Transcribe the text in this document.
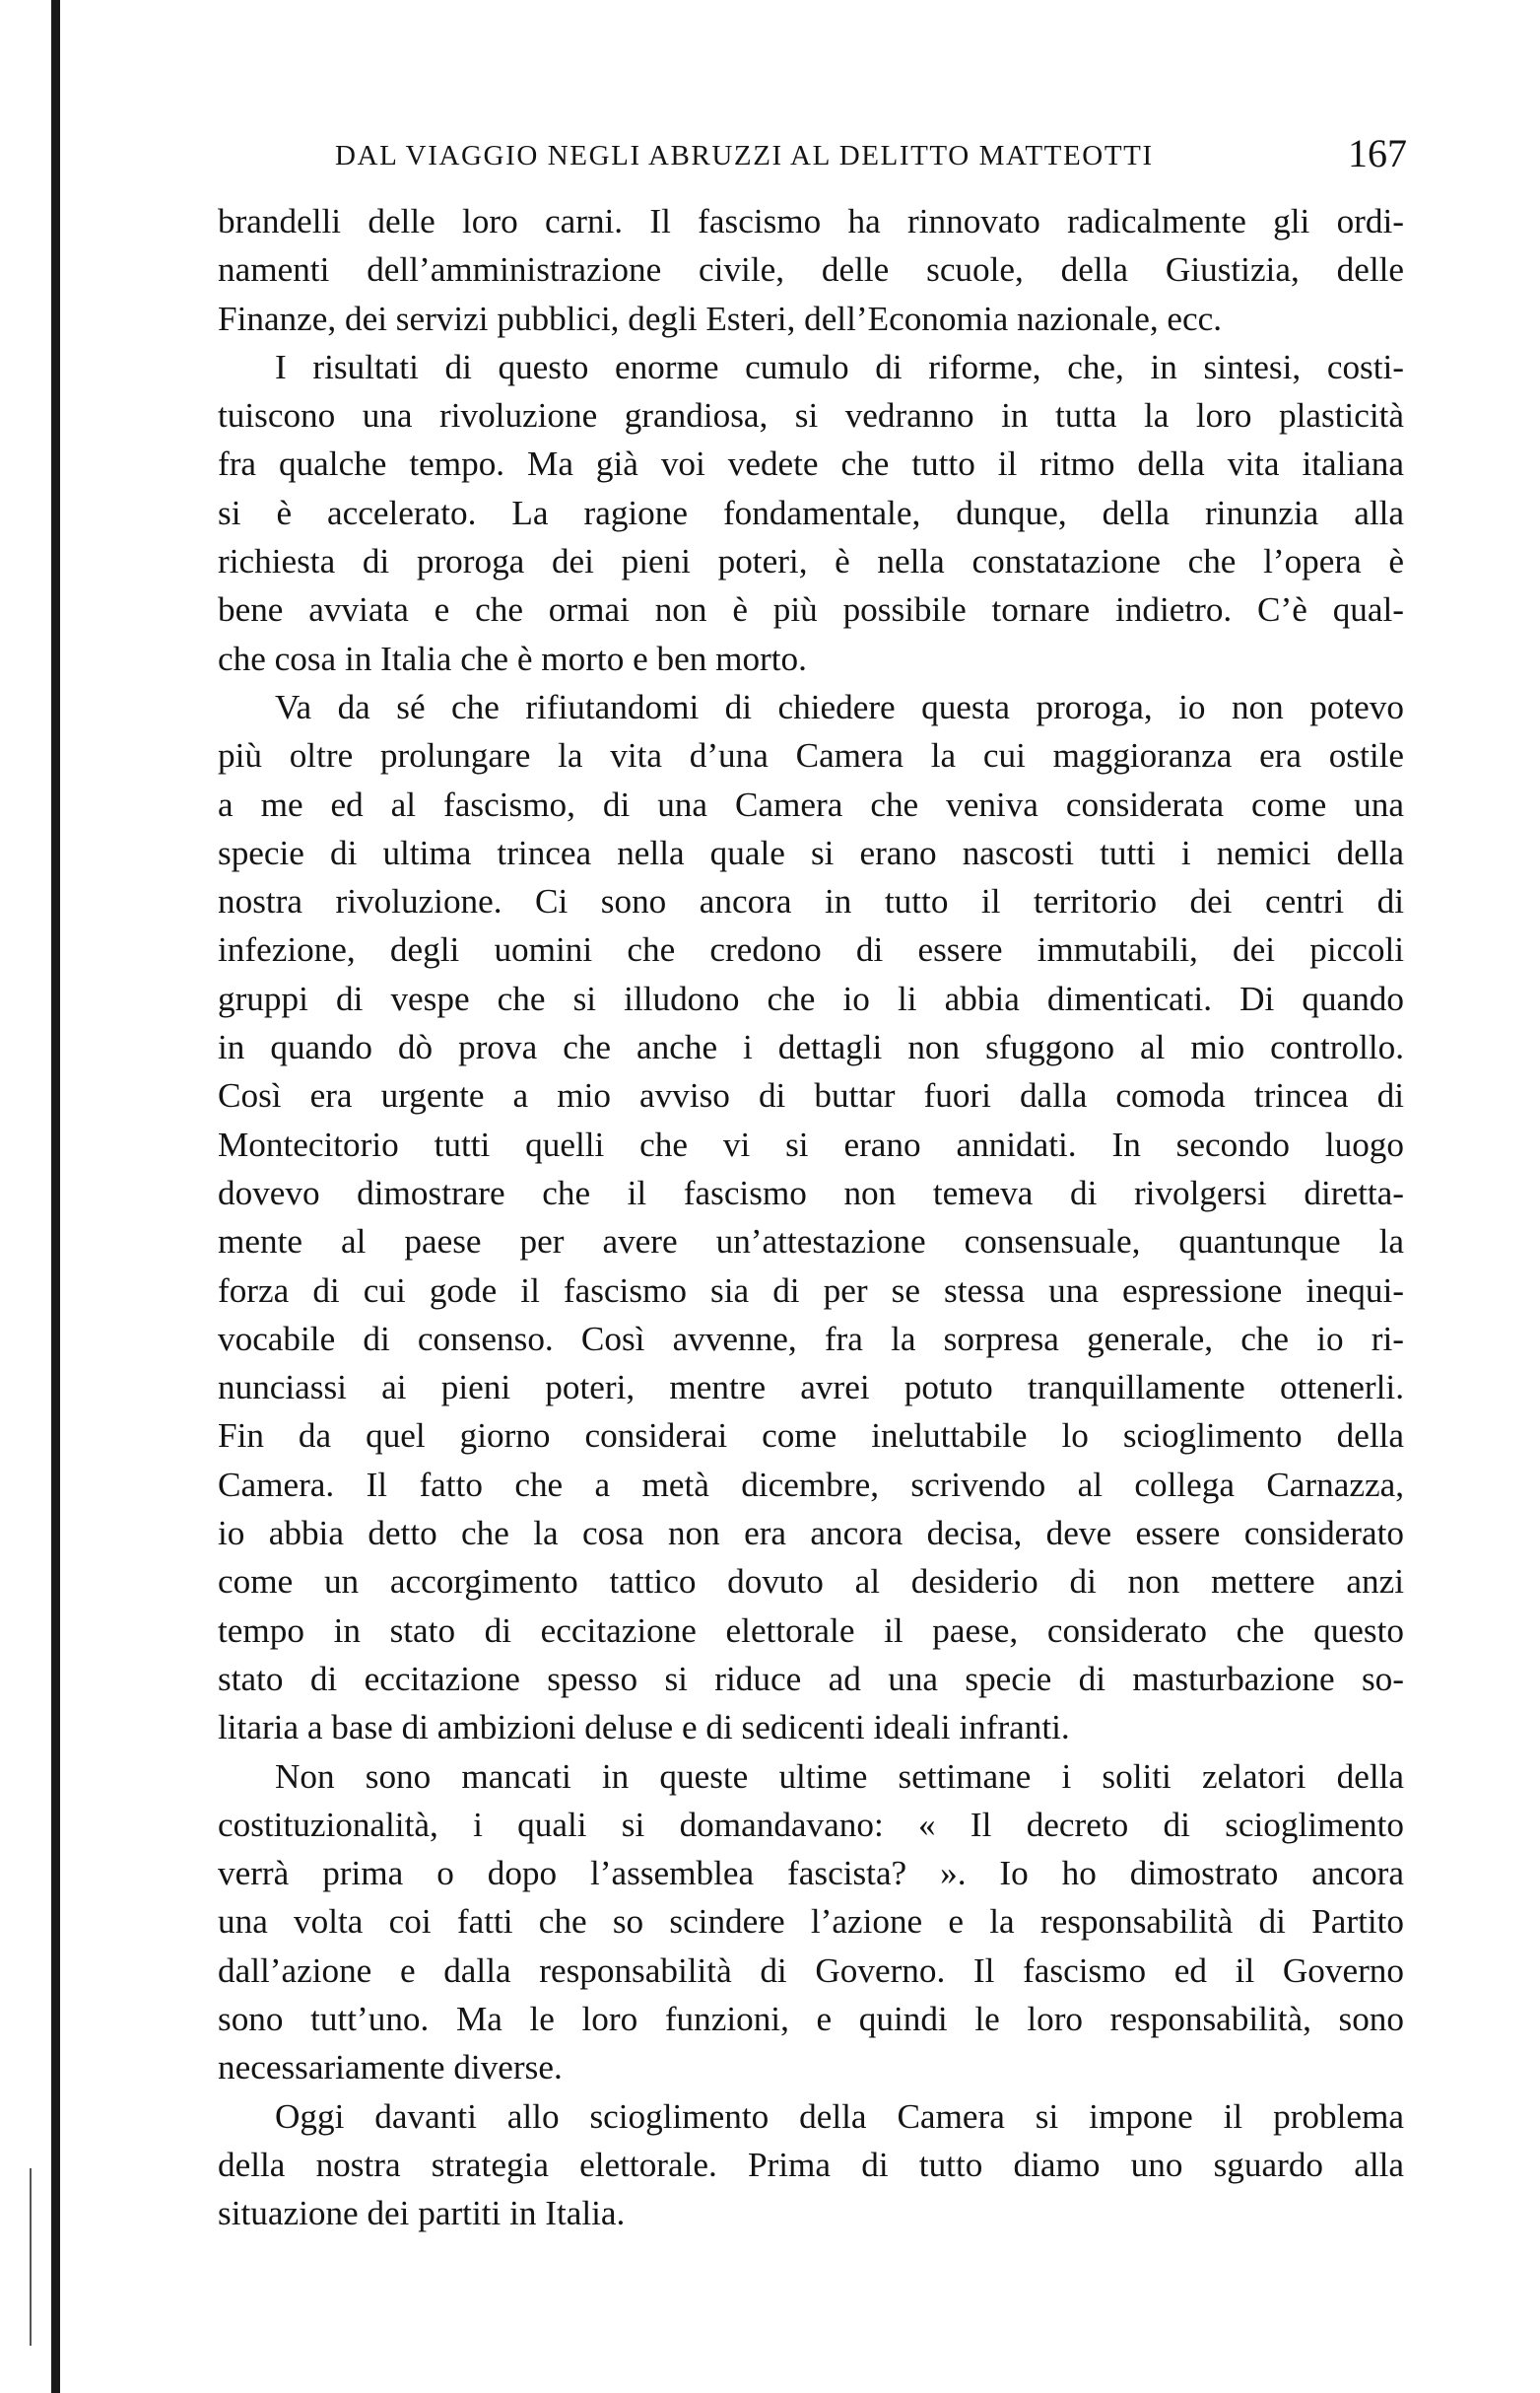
DAL VIAGGIO NEGLI ABRUZZI AL DELITTO MATTEOTTI	167

brandelli delle loro carni. Il fascismo ha rinnovato radicalmente gli ordi-
namenti dell’amministrazione civile, delle scuole, della Giustizia, delle
Finanze, dei servizi pubblici, degli Esteri, dell’Economia nazionale, ecc.

I risultati di questo enorme cumulo di riforme, che, in sintesi, costi-
tuiscono una rivoluzione grandiosa, si vedranno in tutta la loro plasticità
fra qualche tempo. Ma già voi vedete che tutto il ritmo della vita italiana
si è accelerato. La ragione fondamentale, dunque, della rinunzia alla
richiesta di proroga dei pieni poteri, è nella constatazione che l’opera è
bene avviata e che ormai non è più possibile tornare indietro. C’è qual-
che cosa in Italia che è morto e ben morto.

Va da sé che rifiutandomi di chiedere questa proroga, io non potevo
più oltre prolungare la vita d’una Camera la cui maggioranza era ostile
a me ed al fascismo, di una Camera che veniva considerata come una
specie di ultima trincea nella quale si erano nascosti tutti i nemici della
nostra rivoluzione. Ci sono ancora in tutto il territorio dei centri di
infezione, degli uomini che credono di essere immutabili, dei piccoli
gruppi di vespe che si illudono che io li abbia dimenticati. Di quando
in quando dò prova che anche i dettagli non sfuggono al mio controllo.
Così era urgente a mio avviso di buttar fuori dalla comoda trincea di
Montecitorio tutti quelli che vi si erano annidati. In secondo luogo
dovevo dimostrare che il fascismo non temeva di rivolgersi diretta-
mente al paese per avere un’attestazione consensuale, quantunque la
forza di cui gode il fascismo sia di per se stessa una espressione inequi-
vocabile di consenso. Così avvenne, fra la sorpresa generale, che io ri-
nunciassi ai pieni poteri, mentre avrei potuto tranquillamente ottenerli.
Fin da quel giorno considerai come ineluttabile lo scioglimento della
Camera. Il fatto che a metà dicembre, scrivendo al collega Carnazza,
io abbia detto che la cosa non era ancora decisa, deve essere considerato
come un accorgimento tattico dovuto al desiderio di non mettere anzi
tempo in stato di eccitazione elettorale il paese, considerato che questo
stato di eccitazione spesso si riduce ad una specie di masturbazione so-
litaria a base di ambizioni deluse e di sedicenti ideali infranti.

Non sono mancati in queste ultime settimane i soliti zelatori della
costituzionalità, i quali si domandavano: « Il decreto di scioglimento
verrà prima o dopo l’assemblea fascista? ». Io ho dimostrato ancora
una volta coi fatti che so scindere l’azione e la responsabilità di Partito
dall’azione e dalla responsabilità di Governo. Il fascismo ed il Governo
sono tutt’uno. Ma le loro funzioni, e quindi le loro responsabilità, sono
necessariamente diverse.

Oggi davanti allo scioglimento della Camera si impone il problema
della nostra strategia elettorale. Prima di tutto diamo uno sguardo alla
situazione dei partiti in Italia.
